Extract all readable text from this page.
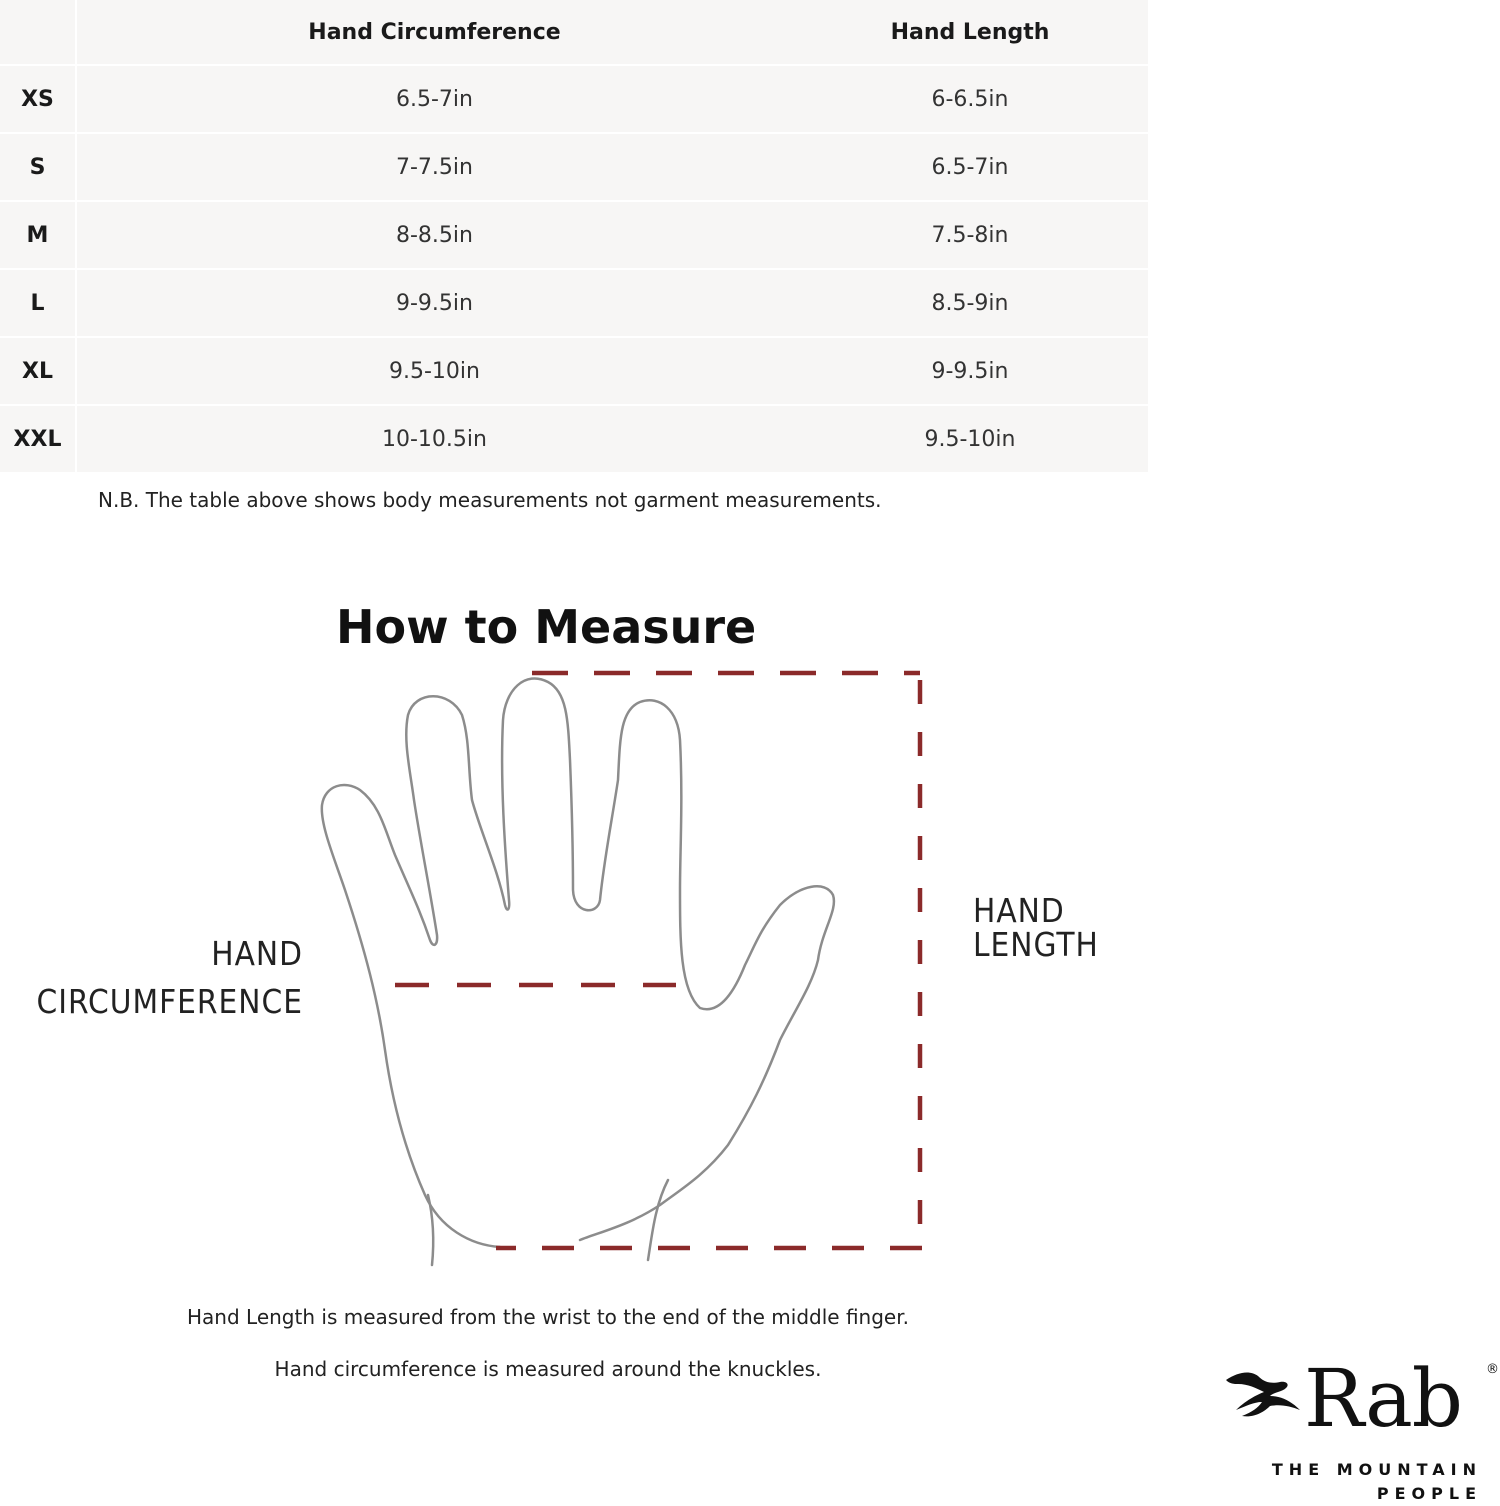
	Hand Circumference	Hand Length
XS	6.5-7in	6-6.5in
S	7-7.5in	6.5-7in
M	8-8.5in	7.5-8in
L	9-9.5in	8.5-9in
XL	9.5-10in	9-9.5in
XXL	10-10.5in	9.5-10in
N.B. The table above shows body measurements not garment measurements.
How to Measure
HAND
CIRCUMFERENCE
HAND
LENGTH
Hand Length is measured from the wrist to the end of the middle finger.
Hand circumference is measured around the knuckles.	Rab ®
THE MOUNTAIN
PEOPLE
